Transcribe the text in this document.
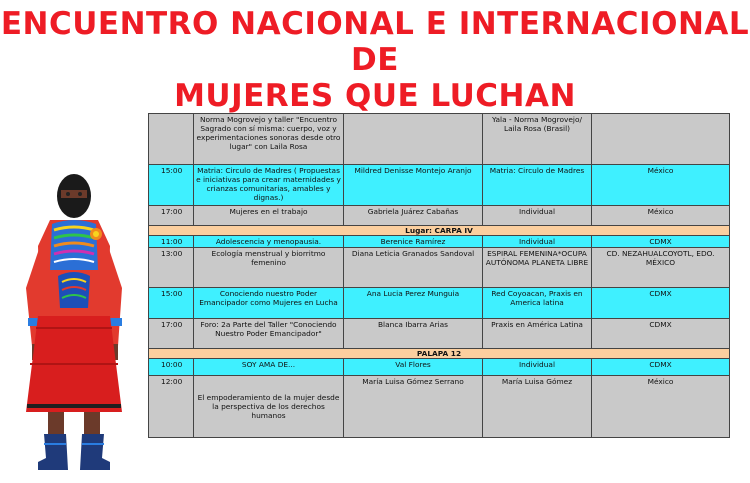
ENCUENTRO NACIONAL E INTERNACIONAL DE
MUJERES QUE LUCHAN
	Norma Mogrovejo y taller "Encuentro Sagrado con sí misma: cuerpo, voz y experimentaciones sonoras desde otro lugar" con Laila Rosa		Yala - Norma Mogrovejo/ Laila Rosa (Brasil)	
15:00	Matria: Circulo de Madres ( Propuestas e iniciativas para crear maternidades y crianzas comunitarias, amables y dignas.)	Mildred Denisse Montejo Aranjo	Matria: Circulo de Madres	México
17:00	Mujeres en el trabajo	Gabriela Juárez Cabañas	Individual	México
Lugar: CARPA IV				
11:00	Adolescencia y menopausia.	Berenice Ramírez	Individual	CDMX
13:00	Ecología menstrual y biorritmo femenino	Diana Leticia Granados Sandoval	ESPIRAL FEMENINA*OCUPA AUTÓNOMA PLANETA LIBRE	CD. NEZAHUALCOYOTL, EDO. MÉXICO
15:00	Conociendo nuestro Poder Emancipador como Mujeres en Lucha	Ana Lucia Perez Munguia	Red Coyoacan, Praxis en America latina	CDMX
17:00	Foro: 2a Parte del Taller "Conociendo Nuestro Poder Emancipador"	Blanca Ibarra Arias	Praxis en América Latina	CDMX
PALAPA 12				
10:00	SOY AMA DE...	Val Flores	Individual	CDMX
12:00	El empoderamiento de la mujer desde la perspectiva de los derechos humanos	María Luisa Gómez Serrano	María Luisa Gómez	México
